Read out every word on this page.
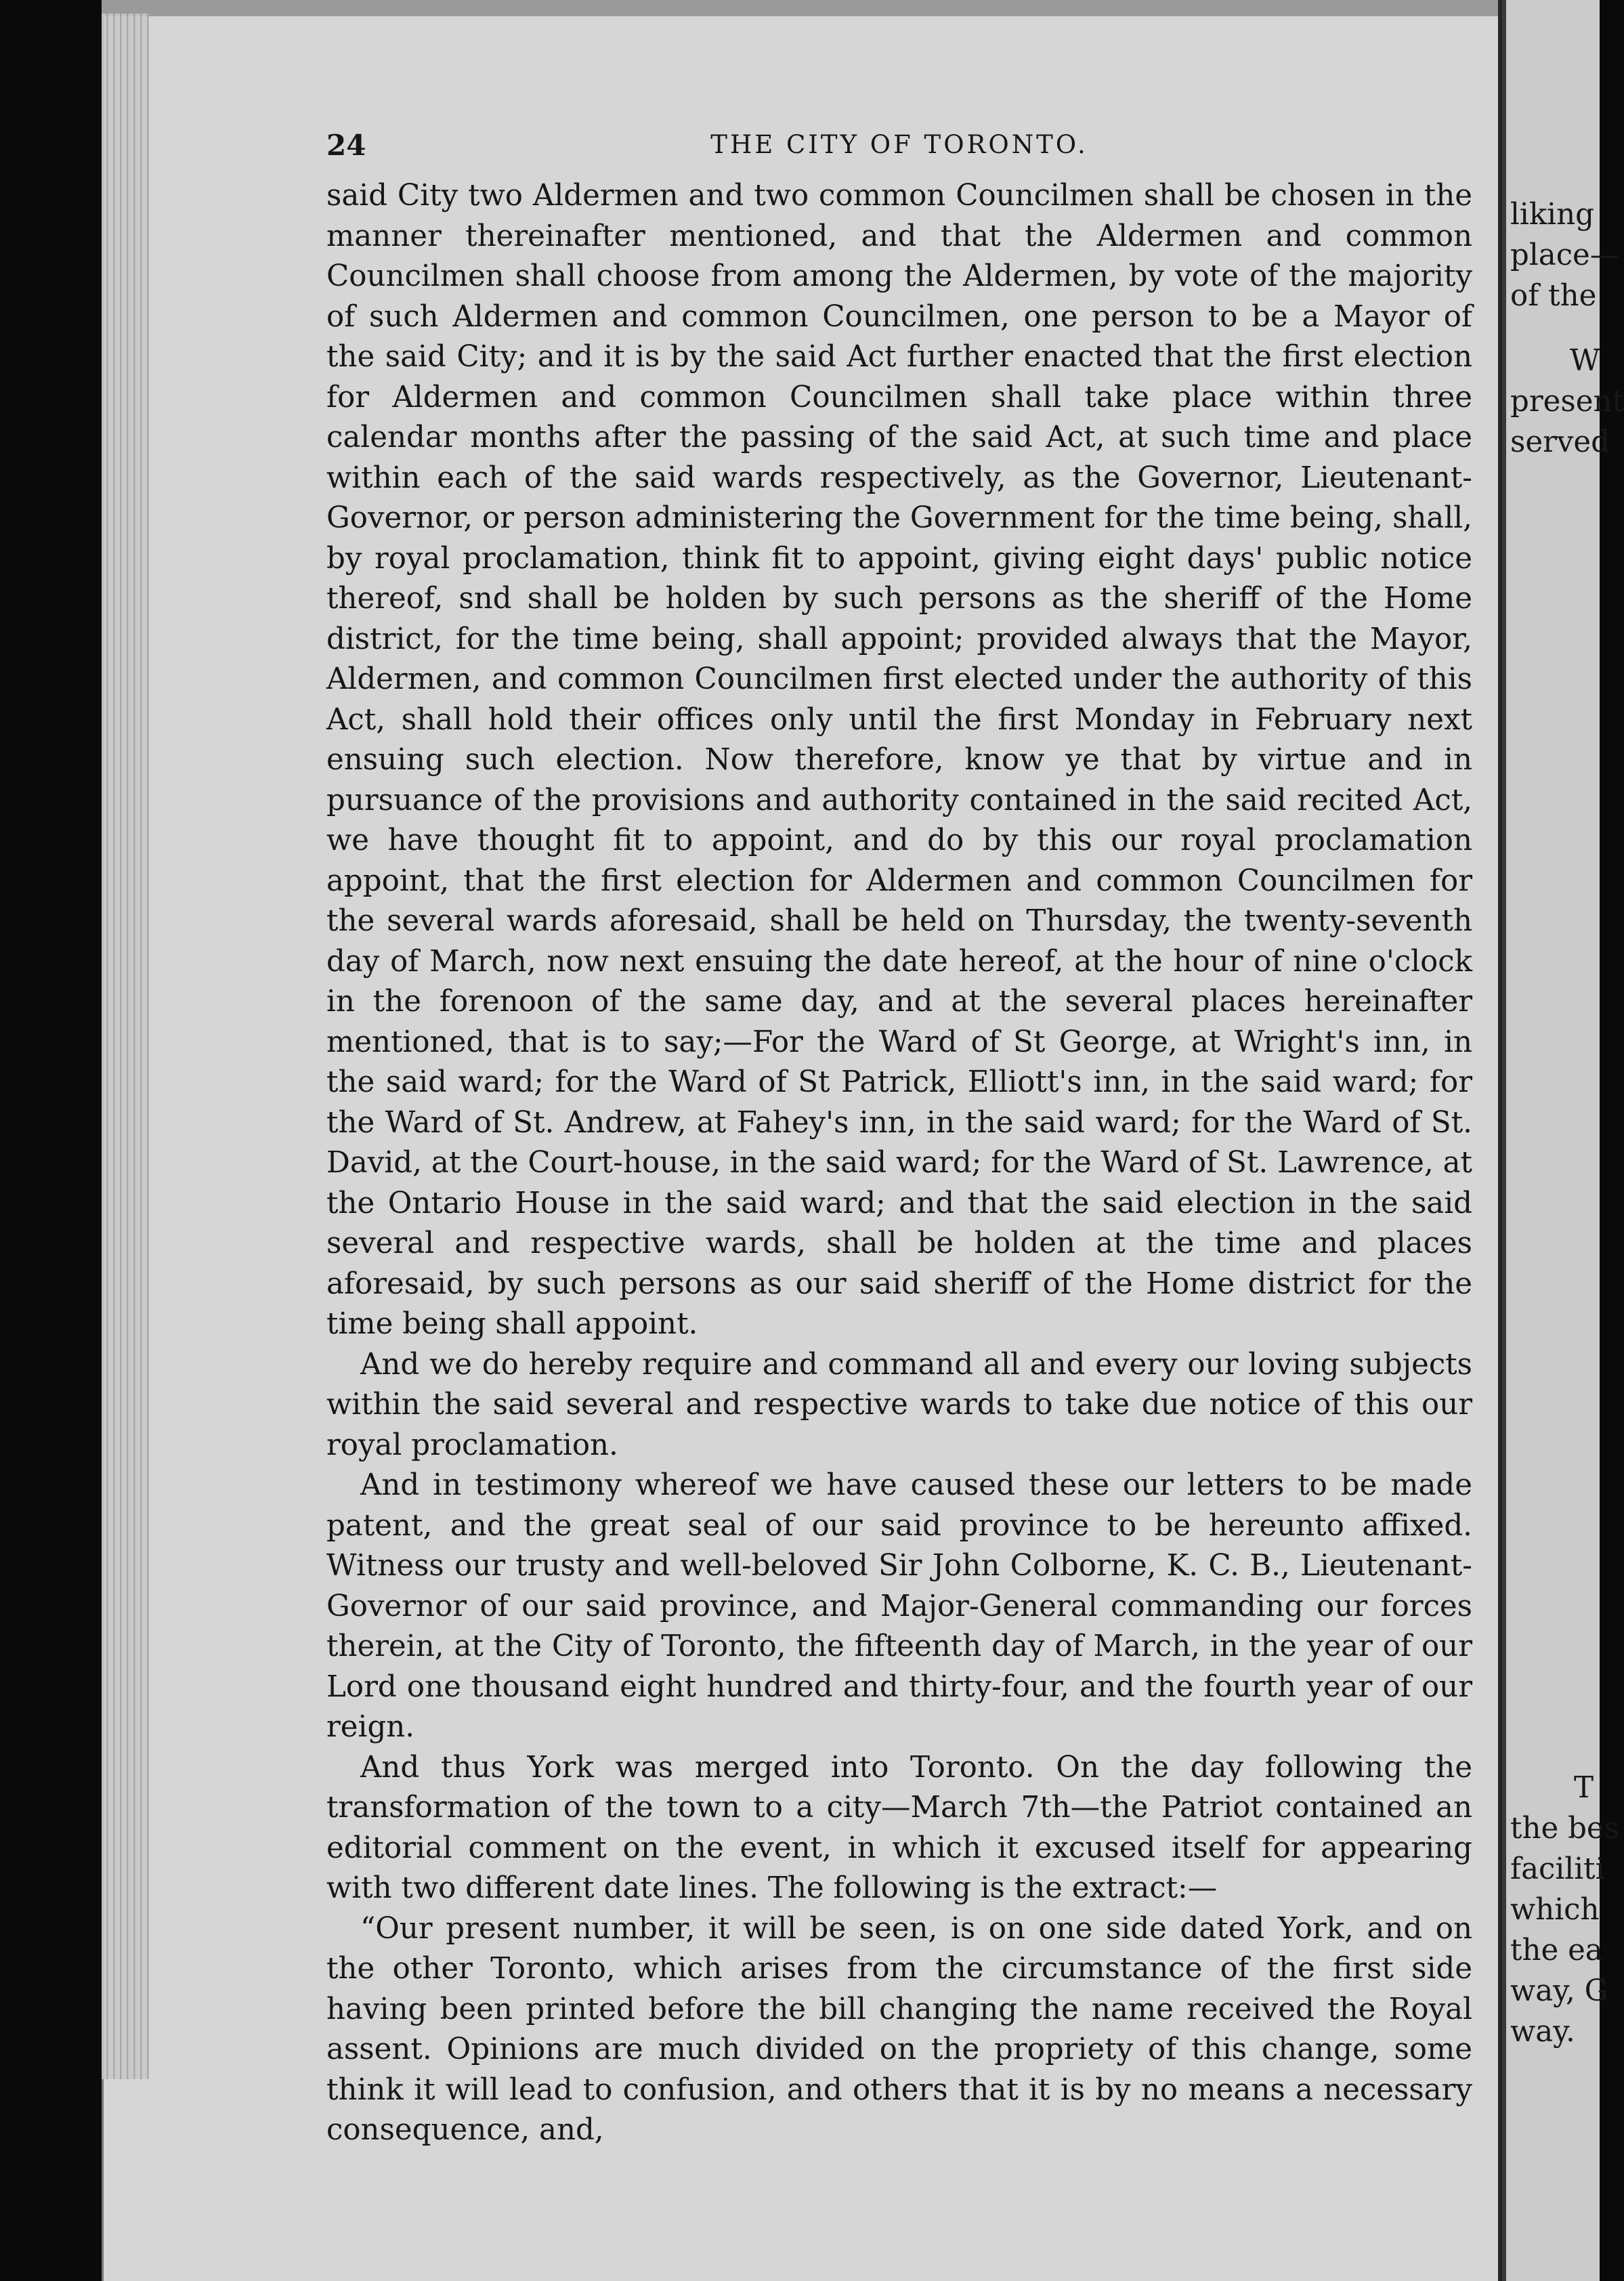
24	THE CITY OF TORONTO.

said City two Aldermen and two common Councilmen shall be chosen in the manner thereinafter mentioned, and that the Aldermen and common Councilmen shall choose from among the Aldermen, by vote of the majority of such Aldermen and common Councilmen, one person to be a Mayor of the said City; and it is by the said Act further enacted that the first election for Aldermen and common Councilmen shall take place within three calendar months after the passing of the said Act, at such time and place within each of the said wards respectively, as the Governor, Lieutenant-Governor, or person administering the Government for the time being, shall, by royal proclamation, think fit to appoint, giving eight days' public notice thereof, snd shall be holden by such persons as the sheriff of the Home district, for the time being, shall appoint; provided always that the Mayor, Aldermen, and common Councilmen first elected under the authority of this Act, shall hold their offices only until the first Monday in February next ensuing such election. Now therefore, know ye that by virtue and in pursuance of the provisions and authority contained in the said recited Act, we have thought fit to appoint, and do by this our royal proclamation appoint, that the first election for Aldermen and common Councilmen for the several wards aforesaid, shall be held on Thursday, the twenty-seventh day of March, now next ensuing the date hereof, at the hour of nine o'clock in the forenoon of the same day, and at the several places hereinafter mentioned, that is to say;—For the Ward of St George, at Wright's inn, in the said ward; for the Ward of St Patrick, Elliott's inn, in the said ward; for the Ward of St. Andrew, at Fahey's inn, in the said ward; for the Ward of St. David, at the Court-house, in the said ward; for the Ward of St. Lawrence, at the Ontario House in the said ward; and that the said election in the said several and respective wards, shall be holden at the time and places aforesaid, by such persons as our said sheriff of the Home district for the time being shall appoint.

And we do hereby require and command all and every our loving subjects within the said several and respective wards to take due notice of this our royal proclamation.

And in testimony whereof we have caused these our letters to be made patent, and the great seal of our said province to be hereunto affixed. Witness our trusty and well-beloved Sir John Colborne, K. C. B., Lieutenant-Governor of our said province, and Major-General commanding our forces therein, at the City of Toronto, the fifteenth day of March, in the year of our Lord one thousand eight hundred and thirty-four, and the fourth year of our reign.

And thus York was merged into Toronto. On the day following the transformation of the town to a city—March 7th—the Patriot contained an editorial comment on the event, in which it excused itself for appearing with two different date lines. The following is the extract:—

“Our present number, it will be seen, is on one side dated York, and on the other Toronto, which arises from the circumstance of the first side having been printed before the bill changing the name received the Royal assent. Opinions are much divided on the propriety of this change, some think it will lead to confusion, and others that it is by no means a necessary consequence, and,

liking
place—
of the
W
present
served
T
the bes
faciliti
which
the ea
way, G
way.
